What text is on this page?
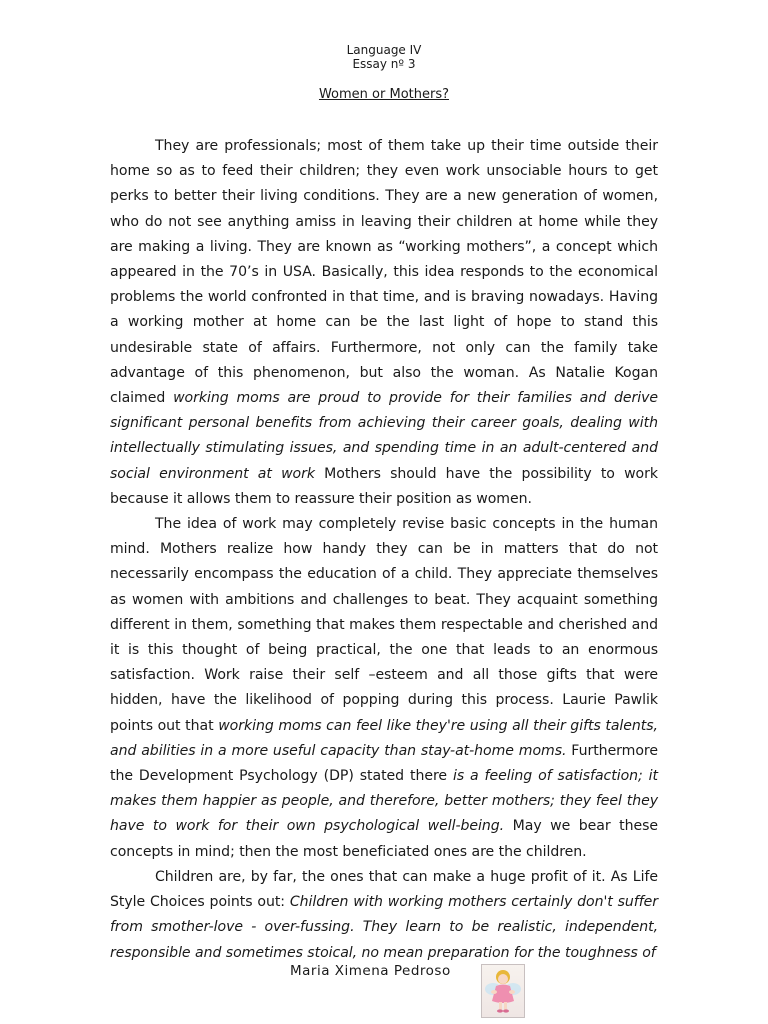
Language IV
Essay nº 3
Women or Mothers?

They are professionals; most of them take up their time outside their home so as to feed their children; they even work unsociable hours to get perks to better their living conditions. They are a new generation of women, who do not see anything amiss in leaving their children at home while they are making a living. They are known as “working mothers”, a concept which appeared in the 70’s in USA. Basically, this idea responds to the economical problems the world confronted in that time, and is braving nowadays. Having a working mother at home can be the last light of hope to stand this undesirable state of affairs. Furthermore, not only can the family take advantage of this phenomenon, but also the woman. As Natalie Kogan claimed working moms are proud to provide for their families and derive significant personal benefits from achieving their career goals, dealing with intellectually stimulating issues, and spending time in an adult-centered and social environment at work Mothers should have the possibility to work because it allows them to reassure their position as women.

The idea of work may completely revise basic concepts in the human mind. Mothers realize how handy they can be in matters that do not necessarily encompass the education of a child. They appreciate themselves as women with ambitions and challenges to beat. They acquaint something different in them, something that makes them respectable and cherished and it is this thought of being practical, the one that leads to an enormous satisfaction. Work raise their self –esteem and all those gifts that were hidden, have the likelihood of popping during this process. Laurie Pawlik points out that working moms can feel like they're using all their gifts talents, and abilities in a more useful capacity than stay-at-home moms. Furthermore the Development Psychology (DP) stated there is a feeling of satisfaction; it makes them happier as people, and therefore, better mothers; they feel they have to work for their own psychological well-being. May we bear these concepts in mind; then the most beneficiated ones are the children.

Children are, by far, the ones that can make a huge profit of it. As Life Style Choices points out: Children with working mothers certainly don't suffer from smother-love - over-fussing. They learn to be realistic, independent, responsible and sometimes stoical, no mean preparation for the toughness of

Maria Ximena Pedroso
